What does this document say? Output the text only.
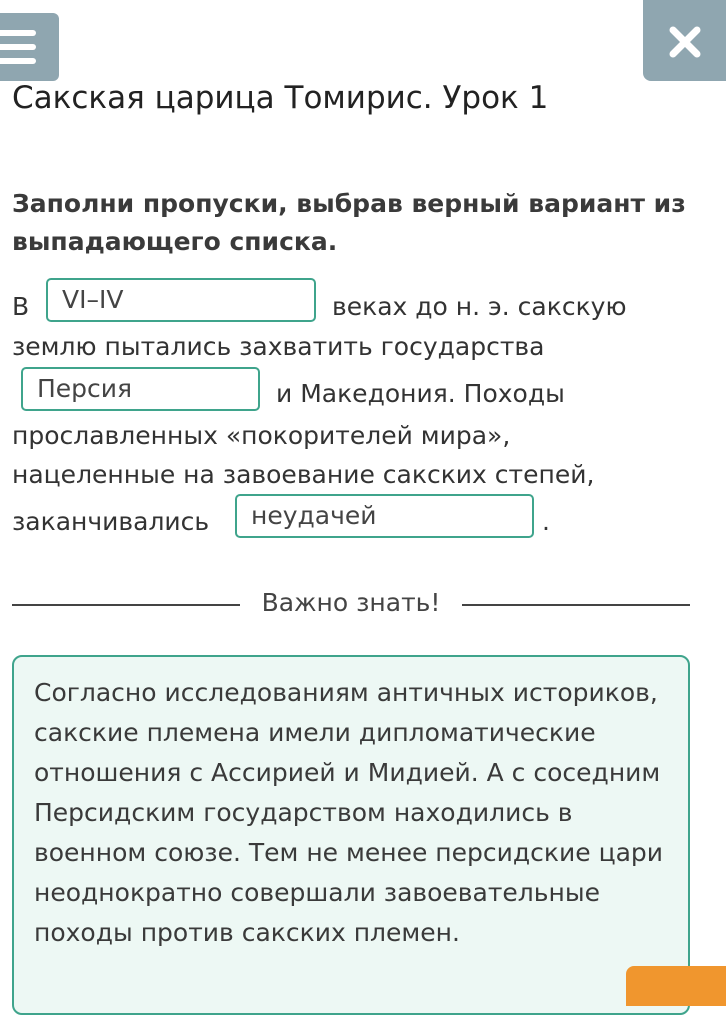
Сакская царица Томирис. Урок 1

Заполни пропуски, выбрав верный вариант из выпадающего списка.

В	VI–IV	веках до н. э. сакскую
землю пытались захватить государства
Персия	и Македония. Походы
прославленных «покорителей мира»,
нацеленные на завоевание сакских степей,
заканчивались	неудачей	.
Важно знать!

Согласно исследованиям античных историков, сакские племена имели дипломатические отношения с Ассирией и Мидией. А с соседним Персидским государством находились в военном союзе. Тем не менее персидские цари неоднократно совершали завоевательные походы против сакских племен.
